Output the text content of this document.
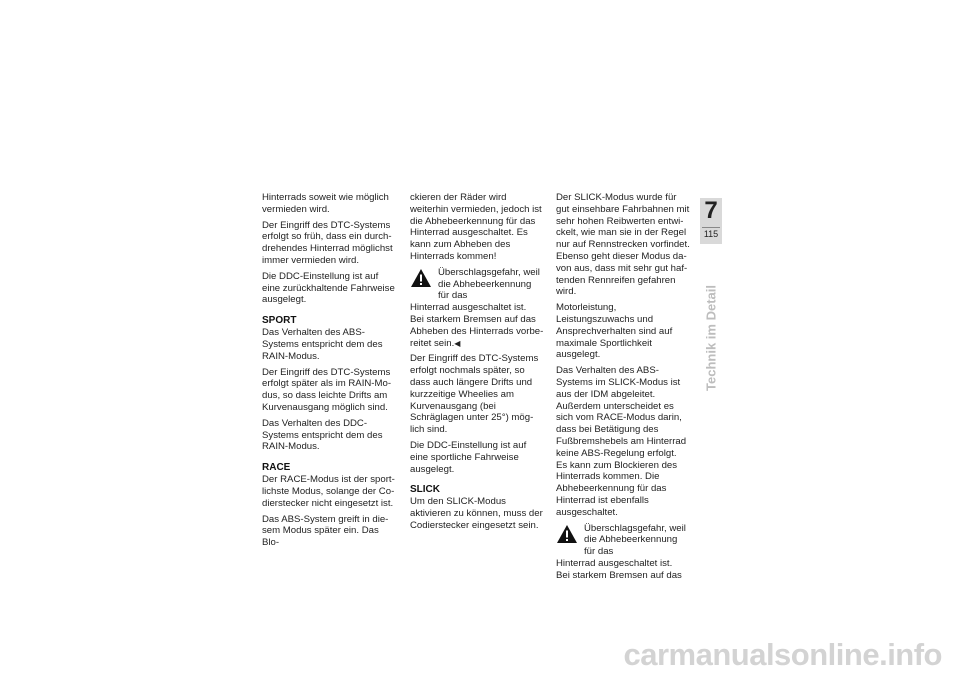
Hinterrads soweit wie möglich vermieden wird.

Der Eingriff des DTC-Systems erfolgt so früh, dass ein durchdrehendes Hinterrad möglichst immer vermieden wird.

Die DDC-Einstellung ist auf eine zurückhaltende Fahrweise ausgelegt.

SPORT

Das Verhalten des ABS-Systems entspricht dem des RAIN-Modus.

Der Eingriff des DTC-Systems erfolgt später als im RAIN-Modus, so dass leichte Drifts am Kurvenausgang möglich sind.

Das Verhalten des DDC-Systems entspricht dem des RAIN-Modus.

RACE

Der RACE-Modus ist der sportlichste Modus, solange der Codierstecker nicht eingesetzt ist.

Das ABS-System greift in diesem Modus später ein. Das Blo-

ckieren der Räder wird weiterhin vermieden, jedoch ist die Abhebeerkennung für das Hinterrad ausgeschaltet. Es kann zum Abheben des Hinterrads kommen!

Überschlagsgefahr, weil die Abhebeerkennung für das
Hinterrad ausgeschaltet ist.
Bei starkem Bremsen auf das Abheben des Hinterrads vorbereitet sein.◀

Der Eingriff des DTC-Systems erfolgt nochmals später, so dass auch längere Drifts und kurzzeitige Wheelies am Kurvenausgang (bei Schräglagen unter 25°) möglich sind.

Die DDC-Einstellung ist auf eine sportliche Fahrweise ausgelegt.

SLICK

Um den SLICK-Modus aktivieren zu können, muss der Codierstecker eingesetzt sein.

Der SLICK-Modus wurde für gut einsehbare Fahrbahnen mit sehr hohen Reibwerten entwickelt, wie man sie in der Regel nur auf Rennstrecken vorfindet. Ebenso geht dieser Modus davon aus, dass mit sehr gut haftenden Rennreifen gefahren wird.

Motorleistung, Leistungszuwachs und Ansprechverhalten sind auf maximale Sportlichkeit ausgelegt.

Das Verhalten des ABS-Systems im SLICK-Modus ist aus der IDM abgeleitet. Außerdem unterscheidet es sich vom RACE-Modus darin, dass bei Betätigung des Fußbremshebels am Hinterrad keine ABS-Regelung erfolgt. Es kann zum Blockieren des Hinterrads kommen. Die Abhebeerkennung für das Hinterrad ist ebenfalls ausgeschaltet.

Überschlagsgefahr, weil die Abhebeerkennung für das
Hinterrad ausgeschaltet ist.
Bei starkem Bremsen auf das
7
115
Technik im Detail
carmanualsonline.info
